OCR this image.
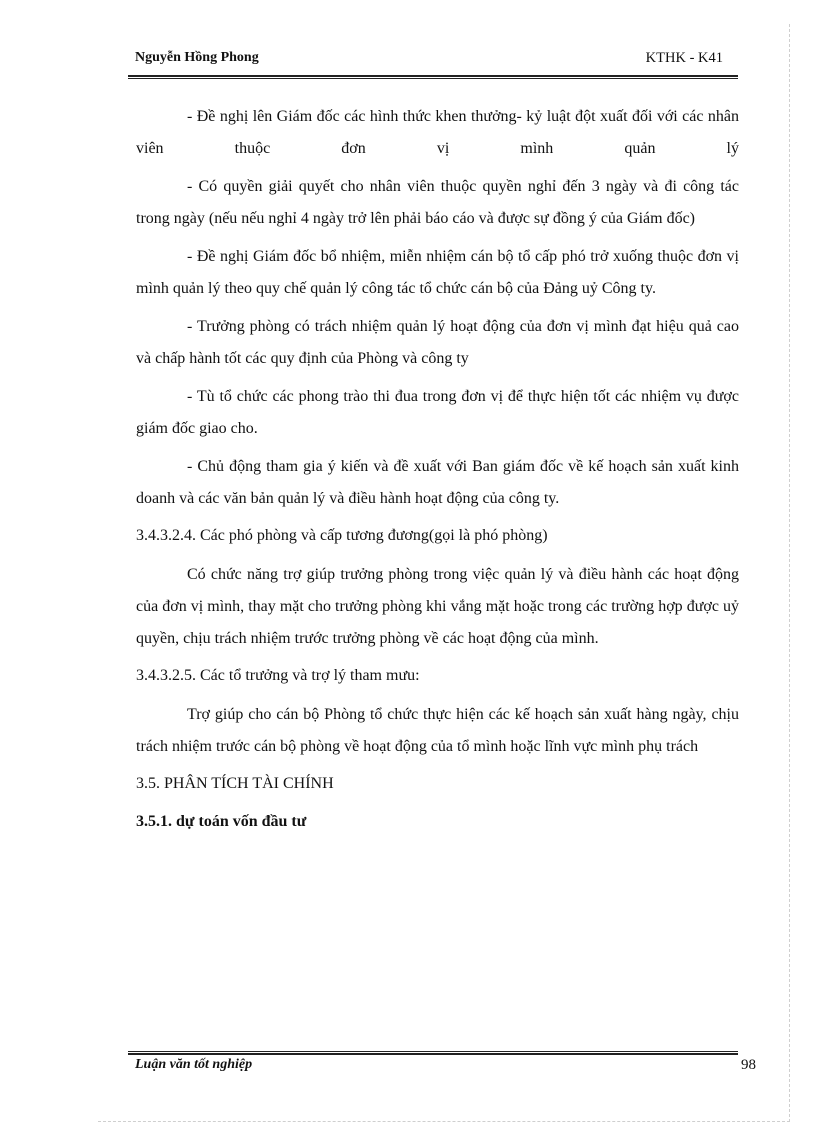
Nguyễn Hồng Phong	KTHK - K41

- Đề nghị lên Giám đốc các hình thức khen thưởng- kỷ luật đột xuất đối với các nhân viên thuộc đơn vị mình quản lý

- Có quyền giải quyết cho nhân viên thuộc quyền nghỉ đến 3 ngày và đi công tác trong ngày (nếu nếu nghỉ 4 ngày trở lên phải báo cáo và được sự đồng ý của Giám đốc)

- Đề nghị Giám đốc bổ nhiệm, miễn nhiệm cán bộ tổ cấp phó trở xuống thuộc đơn vị mình quản lý theo quy chế quản lý công tác tổ chức cán bộ của Đảng uỷ Công ty.

- Trưởng phòng có trách nhiệm quản lý hoạt động của đơn vị mình đạt hiệu quả cao và chấp hành tốt các quy định của Phòng và công ty

- Tù tổ chức các phong trào thi đua trong đơn vị để thực hiện tốt các nhiệm vụ được giám đốc giao cho.

- Chủ động tham gia ý kiến và đề xuất với Ban giám đốc về kế hoạch sản xuất kinh doanh và các văn bản quản lý và điều hành hoạt động của công ty.

3.4.3.2.4. Các phó phòng và cấp tương đương(gọi là phó phòng)

Có chức năng trợ giúp trưởng phòng trong việc quản lý và điều hành các hoạt động của đơn vị mình, thay mặt cho trưởng phòng khi vắng mặt hoặc trong các trường hợp được uỷ quyền, chịu trách nhiệm trước trưởng phòng về các hoạt động của mình.

3.4.3.2.5. Các tổ trưởng và trợ lý tham mưu:

Trợ giúp cho cán bộ Phòng tổ chức thực hiện các kế hoạch sản xuất hàng ngày, chịu trách nhiệm trước cán bộ phòng về hoạt động của tổ mình hoặc lĩnh vực mình phụ trách

3.5. PHÂN TÍCH TÀI CHÍNH
3.5.1. dự toán vốn đầu tư
Luận văn tốt nghiệp	98
